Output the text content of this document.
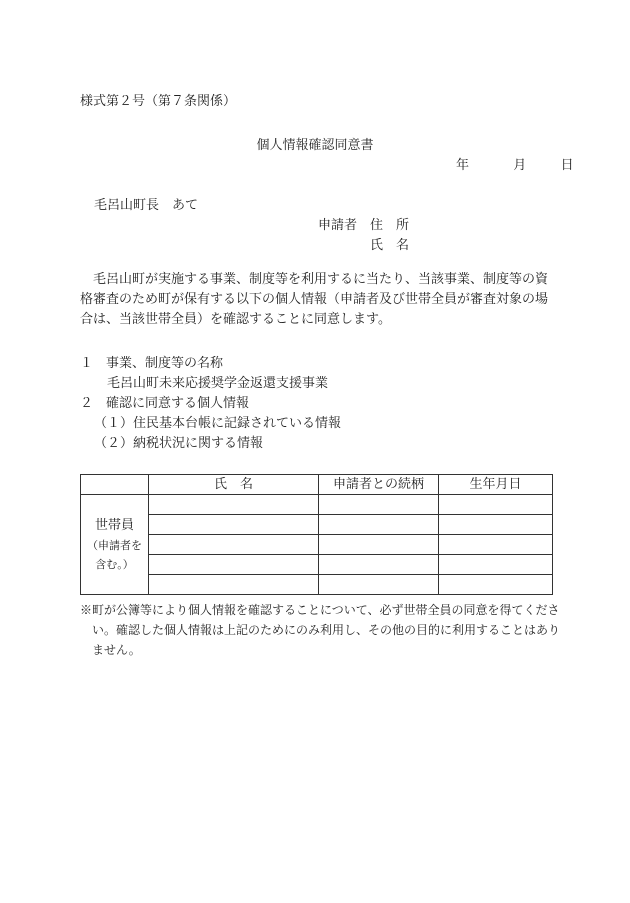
様式第２号（第７条関係）
個人情報確認同意書
年	月	日
毛呂山町長　あて
申請者　住　所
氏　名
毛呂山町が実施する事業、制度等を利用するに当たり、当該事業、制度等の資格審査のため町が保有する以下の個人情報（申請者及び世帯全員が審査対象の場合は、当該世帯全員）を確認することに同意します。
１　事業、制度等の名称
毛呂山町未来応援奨学金返還支援事業
２　確認に同意する個人情報
（１）住民基本台帳に記録されている情報
（２）納税状況に関する情報
	氏　名	申請者との続柄	生年月日
世帯員
（申請者を
含む。）			

※町が公簿等により個人情報を確認することについて、必ず世帯全員の同意を得てください。確認した個人情報は上記のためにのみ利用し、その他の目的に利用することはありません。
